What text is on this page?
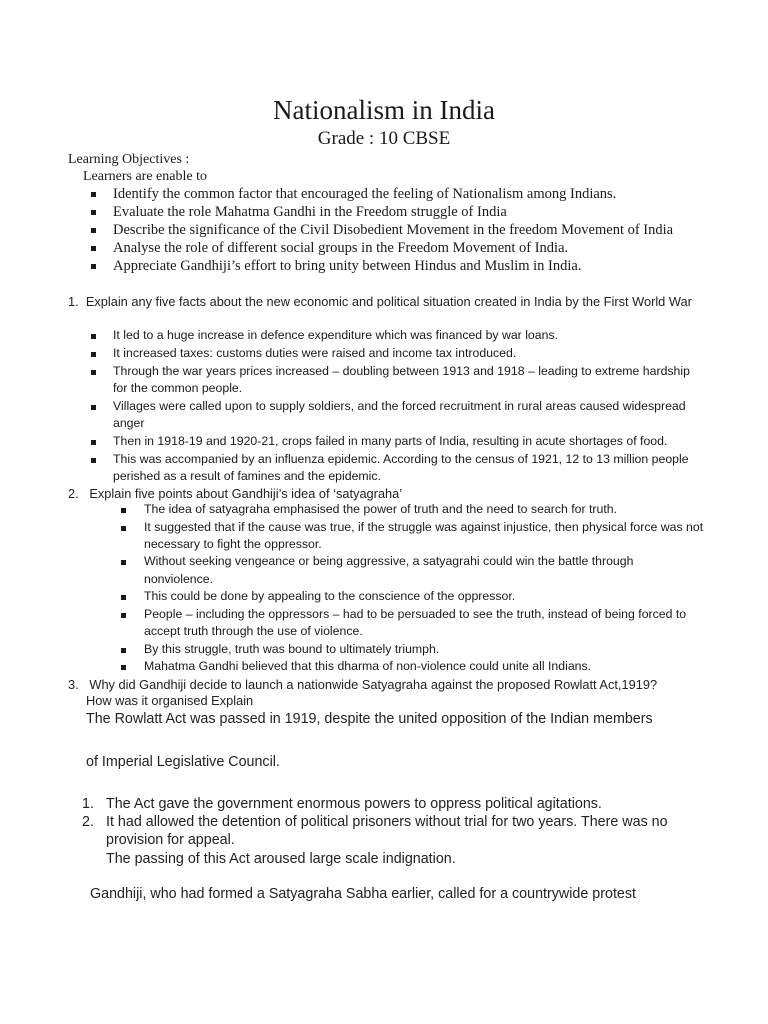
Nationalism in India
Grade : 10 CBSE
Learning Objectives :
Learners are enable to
Identify the common factor that encouraged the feeling of Nationalism among Indians.
Evaluate the role Mahatma Gandhi in the Freedom struggle of India
Describe the significance of the Civil Disobedient Movement in the freedom Movement of India
Analyse the role of different social groups in the Freedom Movement of India.
Appreciate Gandhiji’s effort to bring unity between Hindus and Muslim in India.
1. Explain any five facts about the new economic and political situation created in India by the First World War
It led to a huge increase in defence expenditure which was financed by war loans.
It increased taxes: customs duties were raised and income tax introduced.
Through the war years prices increased – doubling between 1913 and 1918 – leading to extreme hardship for the common people.
Villages were called upon to supply soldiers, and the forced recruitment in rural areas caused widespread anger
Then in 1918-19 and 1920-21, crops failed in many parts of India, resulting in acute shortages of food.
This was accompanied by an influenza epidemic. According to the census of 1921, 12 to 13 million people perished as a result of famines and the epidemic.
2. Explain five points about Gandhiji’s idea of ‘satyagraha’
The idea of satyagraha emphasised the power of truth and the need to search for truth.
It suggested that if the cause was true, if the struggle was against injustice, then physical force was not necessary to fight the oppressor.
Without seeking vengeance or being aggressive, a satyagrahi could win the battle through nonviolence.
This could be done by appealing to the conscience of the oppressor.
People – including the oppressors – had to be persuaded to see the truth, instead of being forced to accept truth through the use of violence.
By this struggle, truth was bound to ultimately triumph.
Mahatma Gandhi believed that this dharma of non-violence could unite all Indians.
3. Why did Gandhiji decide to launch a nationwide Satyagraha against the proposed Rowlatt Act,1919?
How was it organised Explain
The Rowlatt Act was passed in 1919, despite the united opposition of the Indian members
of Imperial Legislative Council.
1. The Act gave the government enormous powers to oppress political agitations.
2. It had allowed the detention of political prisoners without trial for two years. There was no provision for appeal.
The passing of this Act aroused large scale indignation.
Gandhiji, who had formed a Satyagraha Sabha earlier, called for a countrywide protest
